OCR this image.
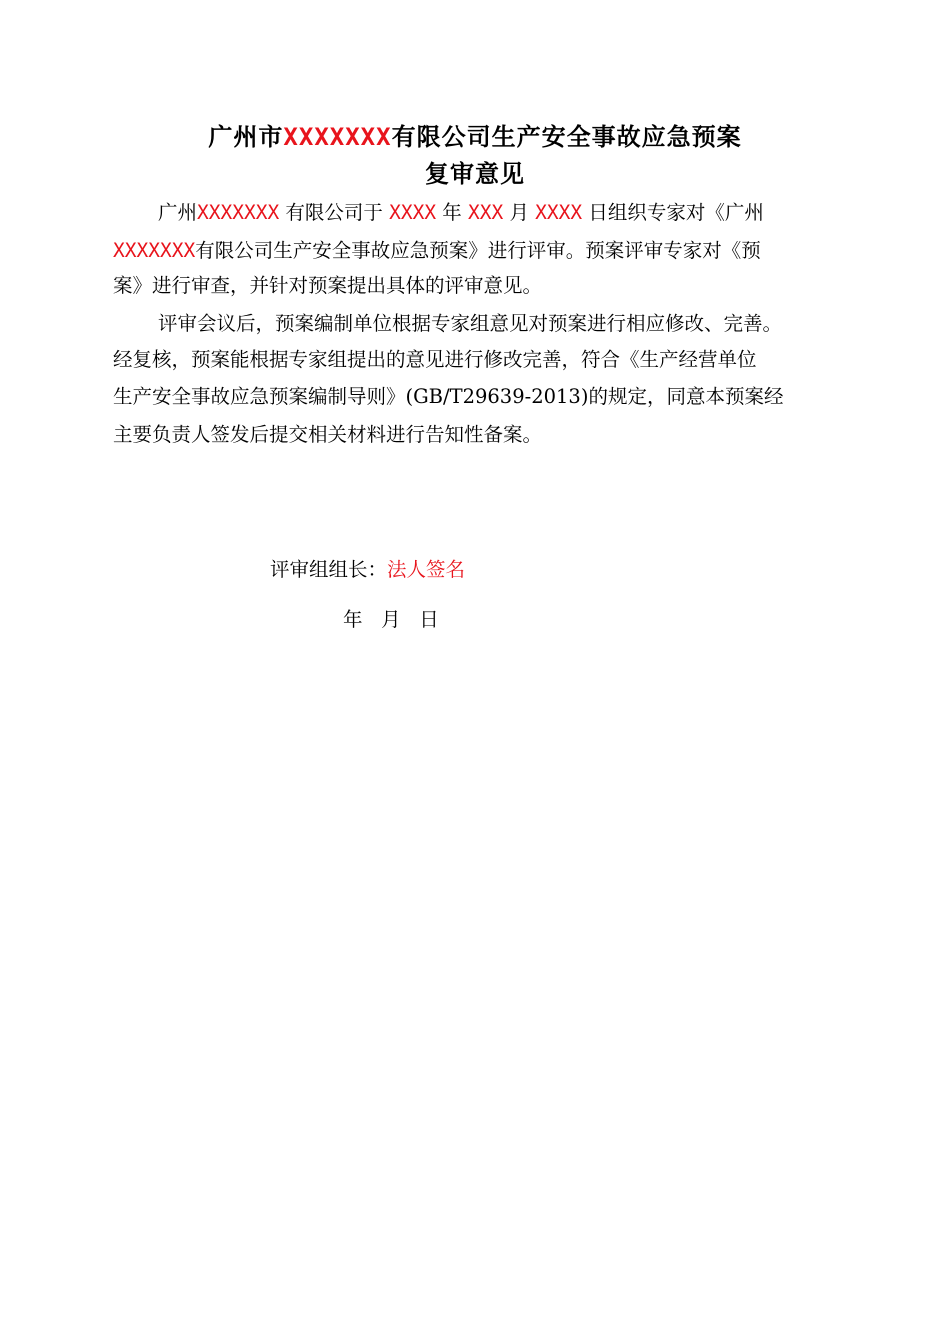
广州市XXXXXXX有限公司生产安全事故应急预案
复审意见
广州XXXXXXX 有限公司于 XXXX 年 XXX 月 XXXX 日组织专家对《广州
XXXXXXX有限公司生产安全事故应急预案》进行评审。预案评审专家对《预
案》进行审查，并针对预案提出具体的评审意见。
评审会议后，预案编制单位根据专家组意见对预案进行相应修改、完善。
经复核，预案能根据专家组提出的意见进行修改完善，符合《生产经营单位
生产安全事故应急预案编制导则》(GB/T29639-2013)的规定，同意本预案经
主要负责人签发后提交相关材料进行告知性备案。
评审组组长：法人签名
年   月   日
